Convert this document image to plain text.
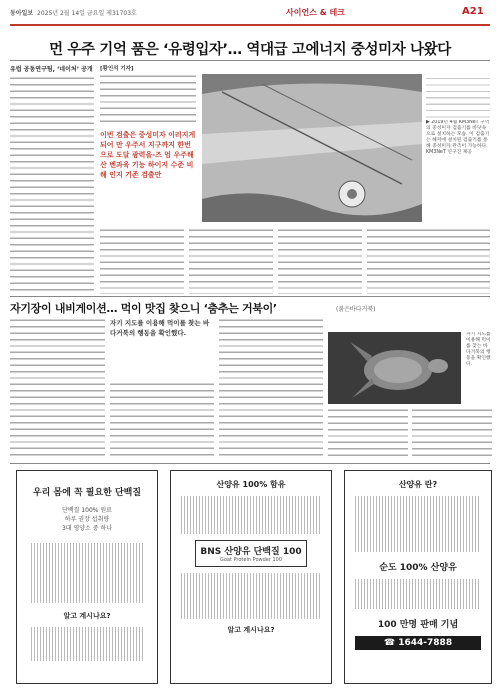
동아일보 2025년 2월 14일 금요일 제31703호	사이언스 & 테크	A21
먼 우주 기억 품은 ‘유령입자’… 역대급 고에너지 중성미자 나왔다
유럽 공동연구팀, ‘네이처’ 공개 [황인석 기자]
이번 검출은 중성미자 이러지게 되어 만 우주서 지구까지 한번으로 도달 광력을-즈 엄 우주해산 벤과육 기능 하이지 수준 비해 인지 기존 검출만
▶ 2019년 4월 KM3NeT 구역의 중성미자 검출기를 바닷속으로 설치하는 모습. 이 검출기는 해저에 설치된 검출기를 통해 중성미자 관측이 가능하다. KM3NeT 연구진 제공
자기장이 내비게이션… 먹이 맛집 찾으니 ‘춤추는 거북이’	(붉은바다거북)
자기 지도를 이용해 먹이를 찾는 바다거북의 행동을 확인했다.	자기 지도를 이용해 먹이를 찾는 바다거북의 행동을 확인했다.
우리 몸에 꼭 필요한 단백질
단백질 100% 원료
하루 권장 섭취량
3대 영양소 중 하나
알고 계시나요?
산양유 100% 함유
BNS 산양유 단백질 100
Goat Protein Powder 100
알고 계시나요?
산양유 란?
순도 100% 산양유
100 만명 판매 기념
☎ 1644-7888
